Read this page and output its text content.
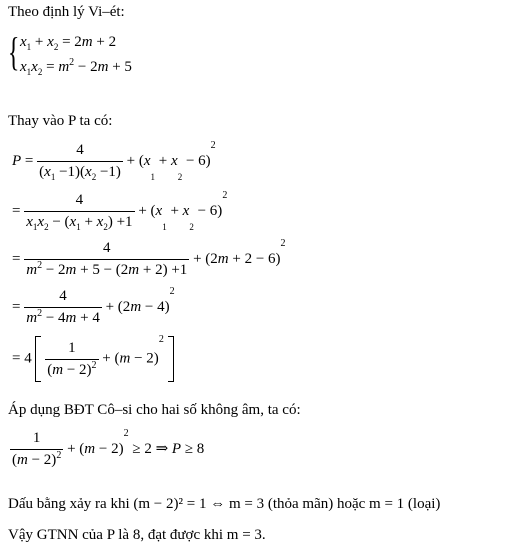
Theo định lý Vi–ét:
{ $x_1 + x_2 = 2m + 2$
$x_1x_2 = m^2 - 2m + 5$
Thay vào P ta có:
$P = \frac{4}{(x_1 -1)(x_2 -1)} + (x_1 + x_2 - 6)^2$
= $\frac{4}{x_1x_2 - (x_1 + x_2) +1} + (x_1 + x_2 - 6)^2$
= $\frac{4}{m^2 - 2m + 5 - (2m + 2) +1} + (2m + 2 - 6)^2$
= $\frac{4}{m^2 - 4m + 4} + (2m - 4)^2$
= $4 \frac{1}{(m - 2)^2} + (m - 2)^2$
Áp dụng BĐT Cô–si cho hai số không âm, ta có:
$\frac{1}{(m - 2)^2} + (m - 2)^2 \ge 2$ ⇒ P ≥ 8
Dấu bằng xảy ra khi (m − 2)² = 1 ⇔ m = 3 (thỏa mãn) hoặc m = 1 (loại)
Vậy GTNN của P là 8, đạt được khi m = 3.
